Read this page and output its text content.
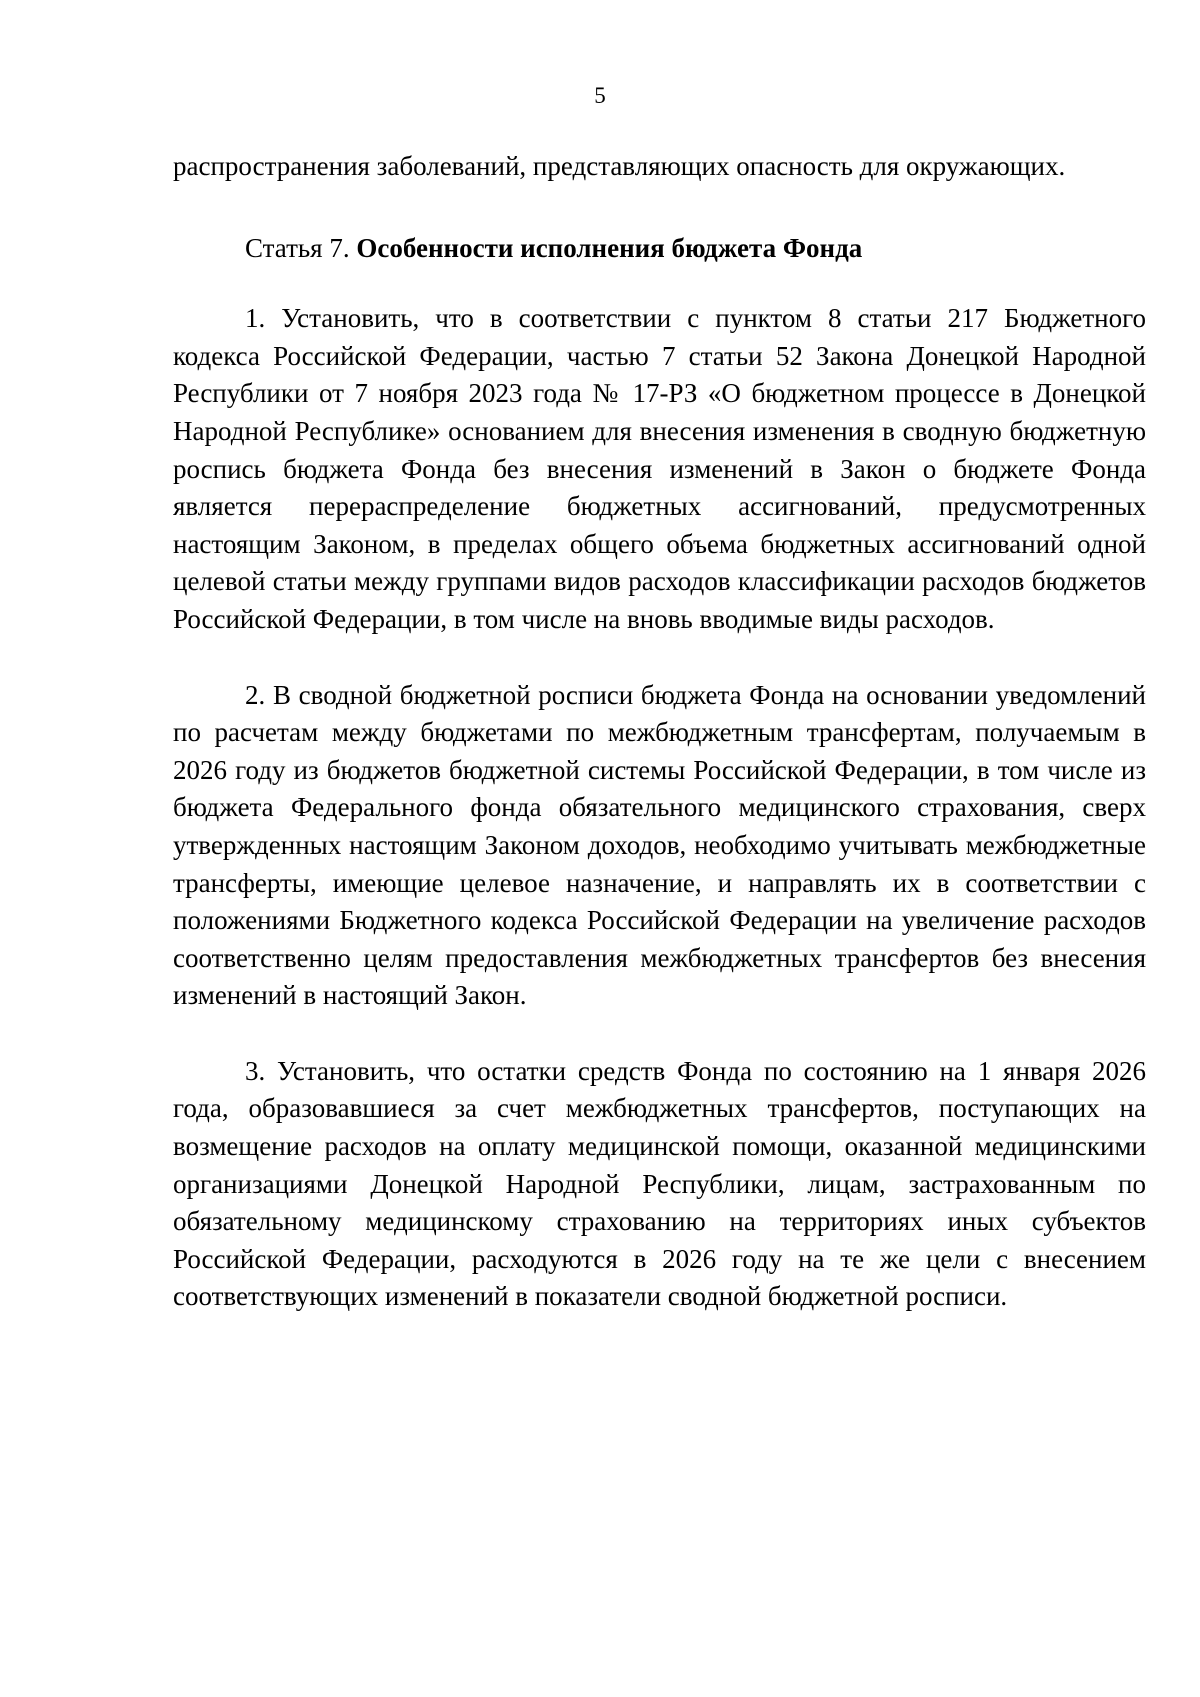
5

распространения заболеваний, представляющих опасность для окружающих.

Статья 7. Особенности исполнения бюджета Фонда

1. Установить, что в соответствии с пунктом 8 статьи 217 Бюджетного кодекса Российской Федерации, частью 7 статьи 52 Закона Донецкой Народной Республики от 7 ноября 2023 года № 17-РЗ «О бюджетном процессе в Донецкой Народной Республике» основанием для внесения изменения в сводную бюджетную роспись бюджета Фонда без внесения изменений в Закон о бюджете Фонда является перераспределение бюджетных ассигнований, предусмотренных настоящим Законом, в пределах общего объема бюджетных ассигнований одной целевой статьи между группами видов расходов классификации расходов бюджетов Российской Федерации, в том числе на вновь вводимые виды расходов.

2. В сводной бюджетной росписи бюджета Фонда на основании уведомлений по расчетам между бюджетами по межбюджетным трансфертам, получаемым в 2026 году из бюджетов бюджетной системы Российской Федерации, в том числе из бюджета Федерального фонда обязательного медицинского страхования, сверх утвержденных настоящим Законом доходов, необходимо учитывать межбюджетные трансферты, имеющие целевое назначение, и направлять их в соответствии с положениями Бюджетного кодекса Российской Федерации на увеличение расходов соответственно целям предоставления межбюджетных трансфертов без внесения изменений в настоящий Закон.

3. Установить, что остатки средств Фонда по состоянию на 1 января 2026 года, образовавшиеся за счет межбюджетных трансфертов, поступающих на возмещение расходов на оплату медицинской помощи, оказанной медицинскими организациями Донецкой Народной Республики, лицам, застрахованным по обязательному медицинскому страхованию на территориях иных субъектов Российской Федерации, расходуются в 2026 году на те же цели с внесением соответствующих изменений в показатели сводной бюджетной росписи.
